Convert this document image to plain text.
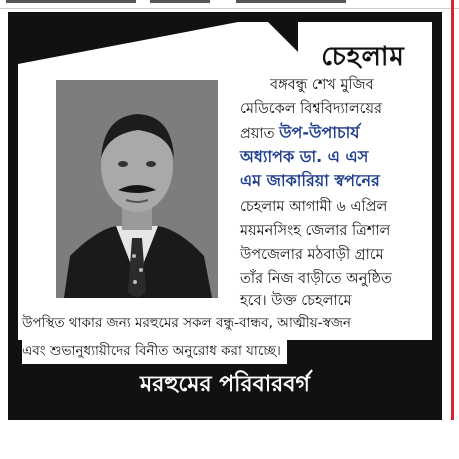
চেহলাম
বঙ্গবন্ধু শেখ মুজিব
মেডিকেল বিশ্ববিদ্যালয়ের
প্রয়াত উপ-উপাচার্য
অধ্যাপক ডা. এ এস
এম জাকারিয়া স্বপনের
চেহলাম আগামী ৬ এপ্রিল
ময়মনসিংহ জেলার ত্রিশাল
উপজেলার মঠবাড়ী গ্রামে
তাঁর নিজ বাড়ীতে অনুষ্ঠিত
হবে। উক্ত চেহলামে
উপস্থিত থাকার জন্য মরহুমের সকল বন্ধু-বান্ধব, আত্মীয়-স্বজন
এবং শুভানুধ্যায়ীদের বিনীত অনুরোধ করা যাচ্ছে।
মরহুমের পরিবারবর্গ
